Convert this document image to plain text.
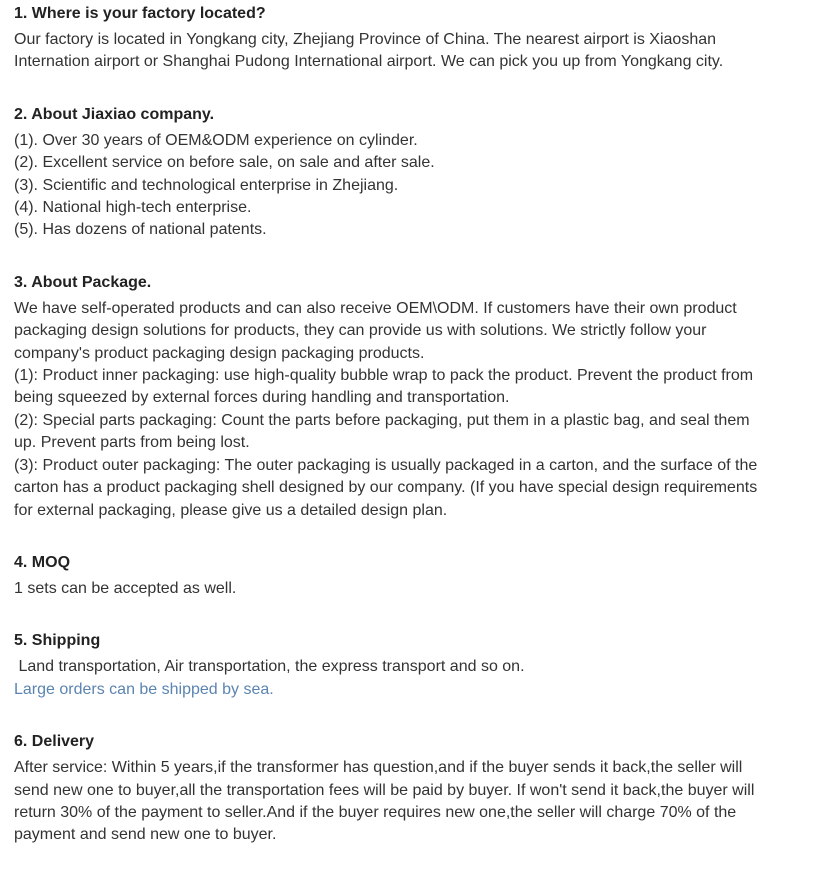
1. Where is your factory located?
Our factory is located in Yongkang city, Zhejiang Province of China. The nearest airport is Xiaoshan
Internation airport or Shanghai Pudong International airport. We can pick you up from Yongkang city.
2. About Jiaxiao company.
(1). Over 30 years of OEM&ODM experience on cylinder.
(2). Excellent service on before sale, on sale and after sale.
(3). Scientific and technological enterprise in Zhejiang.
(4). National high-tech enterprise.
(5). Has dozens of national patents.
3. About Package.
We have self-operated products and can also receive OEM\ODM. If customers have their own product
packaging design solutions for products, they can provide us with solutions. We strictly follow your
company's product packaging design packaging products.
(1): Product inner packaging: use high-quality bubble wrap to pack the product. Prevent the product from
being squeezed by external forces during handling and transportation.
(2): Special parts packaging: Count the parts before packaging, put them in a plastic bag, and seal them
up. Prevent parts from being lost.
(3): Product outer packaging: The outer packaging is usually packaged in a carton, and the surface of the
carton has a product packaging shell designed by our company. (If you have special design requirements
for external packaging, please give us a detailed design plan.
4. MOQ
1 sets can be accepted as well.
5. Shipping
Land transportation, Air transportation, the express transport and so on.
Large orders can be shipped by sea.
6. Delivery
After service: Within 5 years,if the transformer has question,and if the buyer sends it back,the seller will
send new one to buyer,all the transportation fees will be paid by buyer. If won't send it back,the buyer will
return 30% of the payment to seller.And if the buyer requires new one,the seller will charge 70% of the
payment and send new one to buyer.
